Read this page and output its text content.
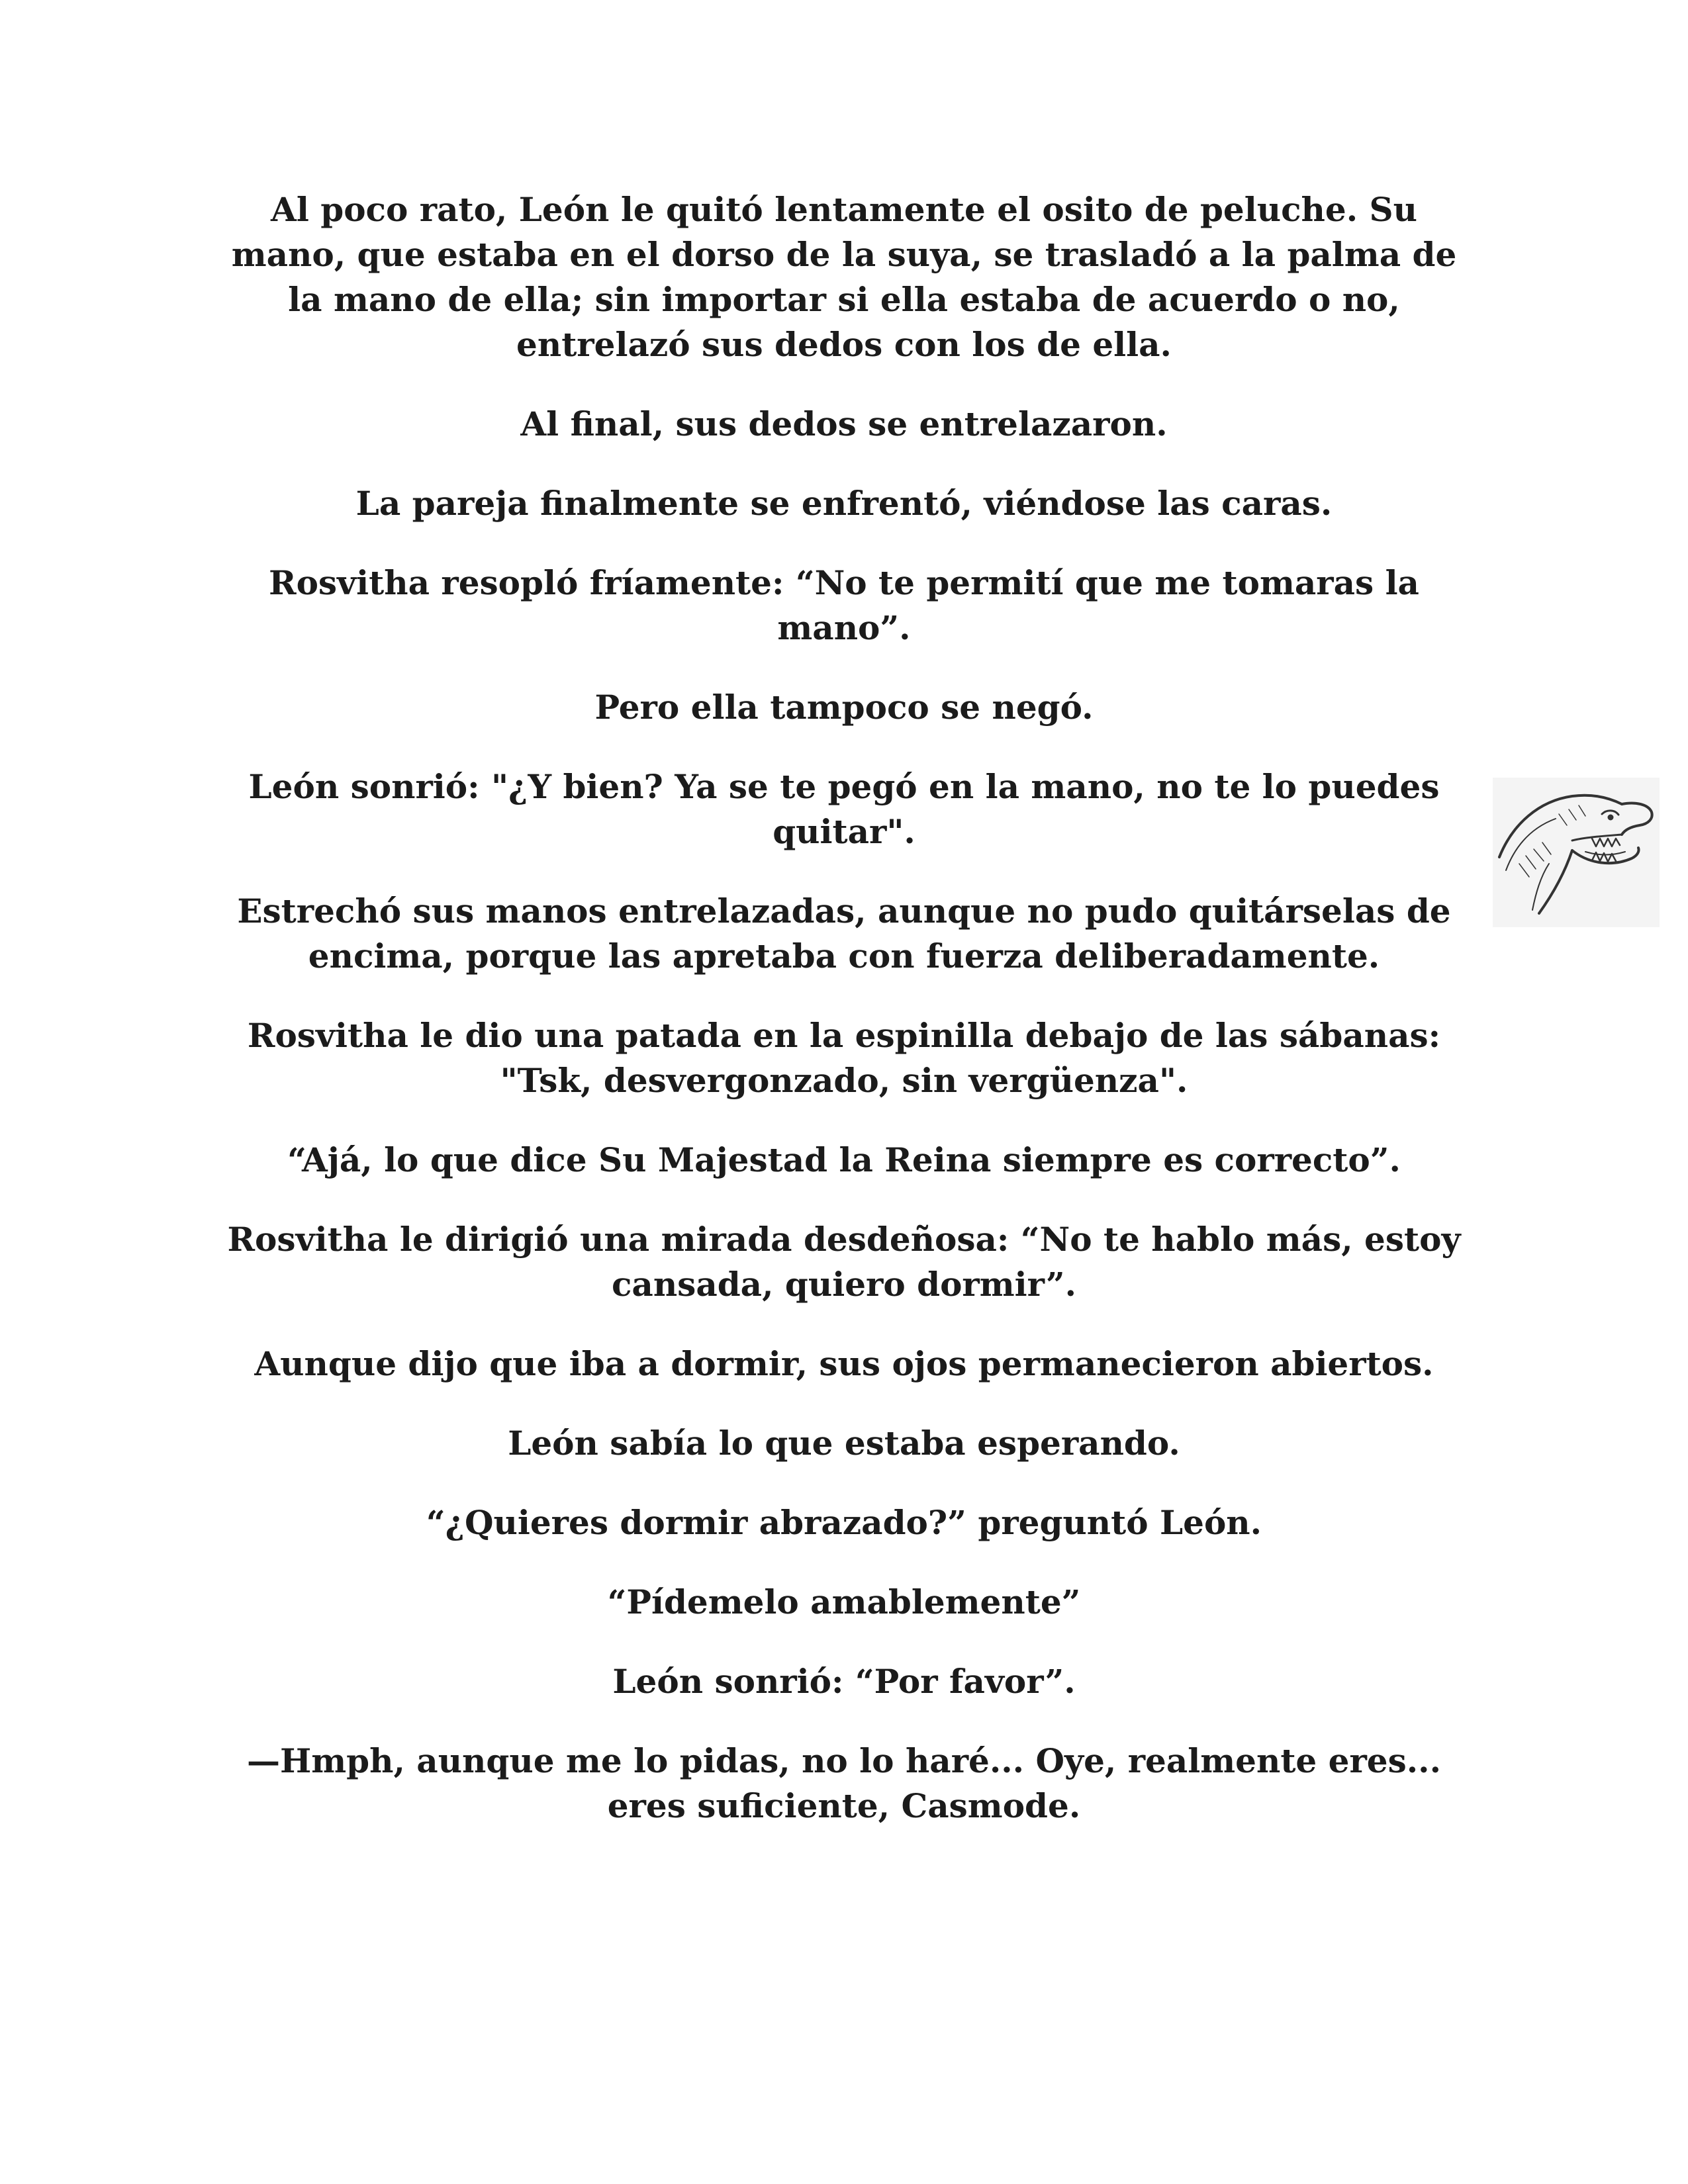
Al poco rato, León le quitó lentamente el osito de peluche. Su mano, que estaba en el dorso de la suya, se trasladó a la palma de la mano de ella; sin importar si ella estaba de acuerdo o no, entrelazó sus dedos con los de ella.

Al final, sus dedos se entrelazaron.

La pareja finalmente se enfrentó, viéndose las caras.

Rosvitha resopló fríamente: “No te permití que me tomaras la mano”.

Pero ella tampoco se negó.

León sonrió: "¿Y bien? Ya se te pegó en la mano, no te lo puedes quitar".

Estrechó sus manos entrelazadas, aunque no pudo quitárselas de encima, porque las apretaba con fuerza deliberadamente.

Rosvitha le dio una patada en la espinilla debajo de las sábanas: "Tsk, desvergonzado, sin vergüenza".

“Ajá, lo que dice Su Majestad la Reina siempre es correcto”.

Rosvitha le dirigió una mirada desdeñosa: “No te hablo más, estoy cansada, quiero dormir”.

Aunque dijo que iba a dormir, sus ojos permanecieron abiertos.

León sabía lo que estaba esperando.

“¿Quieres dormir abrazado?” preguntó León.

“Pídemelo amablemente”

León sonrió: “Por favor”.

—Hmph, aunque me lo pidas, no lo haré... Oye, realmente eres... eres suficiente, Casmode.
